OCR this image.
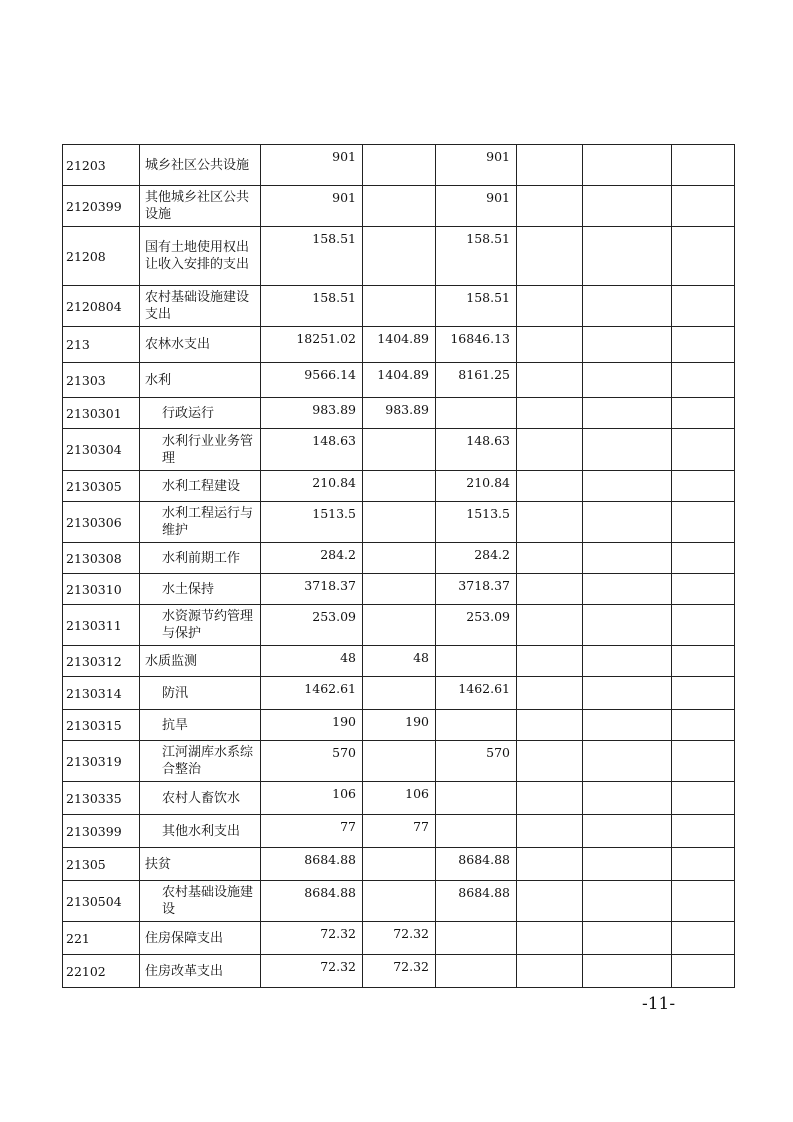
21203	城乡社区公共设施	901		901			
2120399	其他城乡社区公共设施	901		901			
21208	国有土地使用权出让收入安排的支出	158.51		158.51			
2120804	农村基础设施建设支出	158.51		158.51			
213	农林水支出	18251.02	1404.89	16846.13			
21303	水利	9566.14	1404.89	8161.25			
2130301	行政运行	983.89	983.89				
2130304	水利行业业务管理	148.63		148.63			
2130305	水利工程建设	210.84		210.84			
2130306	水利工程运行与维护	1513.5		1513.5			
2130308	水利前期工作	284.2		284.2			
2130310	水土保持	3718.37		3718.37			
2130311	水资源节约管理与保护	253.09		253.09			
2130312	水质监测	48	48				
2130314	防汛	1462.61		1462.61			
2130315	抗旱	190	190				
2130319	江河湖库水系综合整治	570		570			
2130335	农村人畜饮水	106	106				
2130399	其他水利支出	77	77				
21305	扶贫	8684.88		8684.88			
2130504	农村基础设施建设	8684.88		8684.88			
221	住房保障支出	72.32	72.32				
22102	住房改革支出	72.32	72.32				
-11-
